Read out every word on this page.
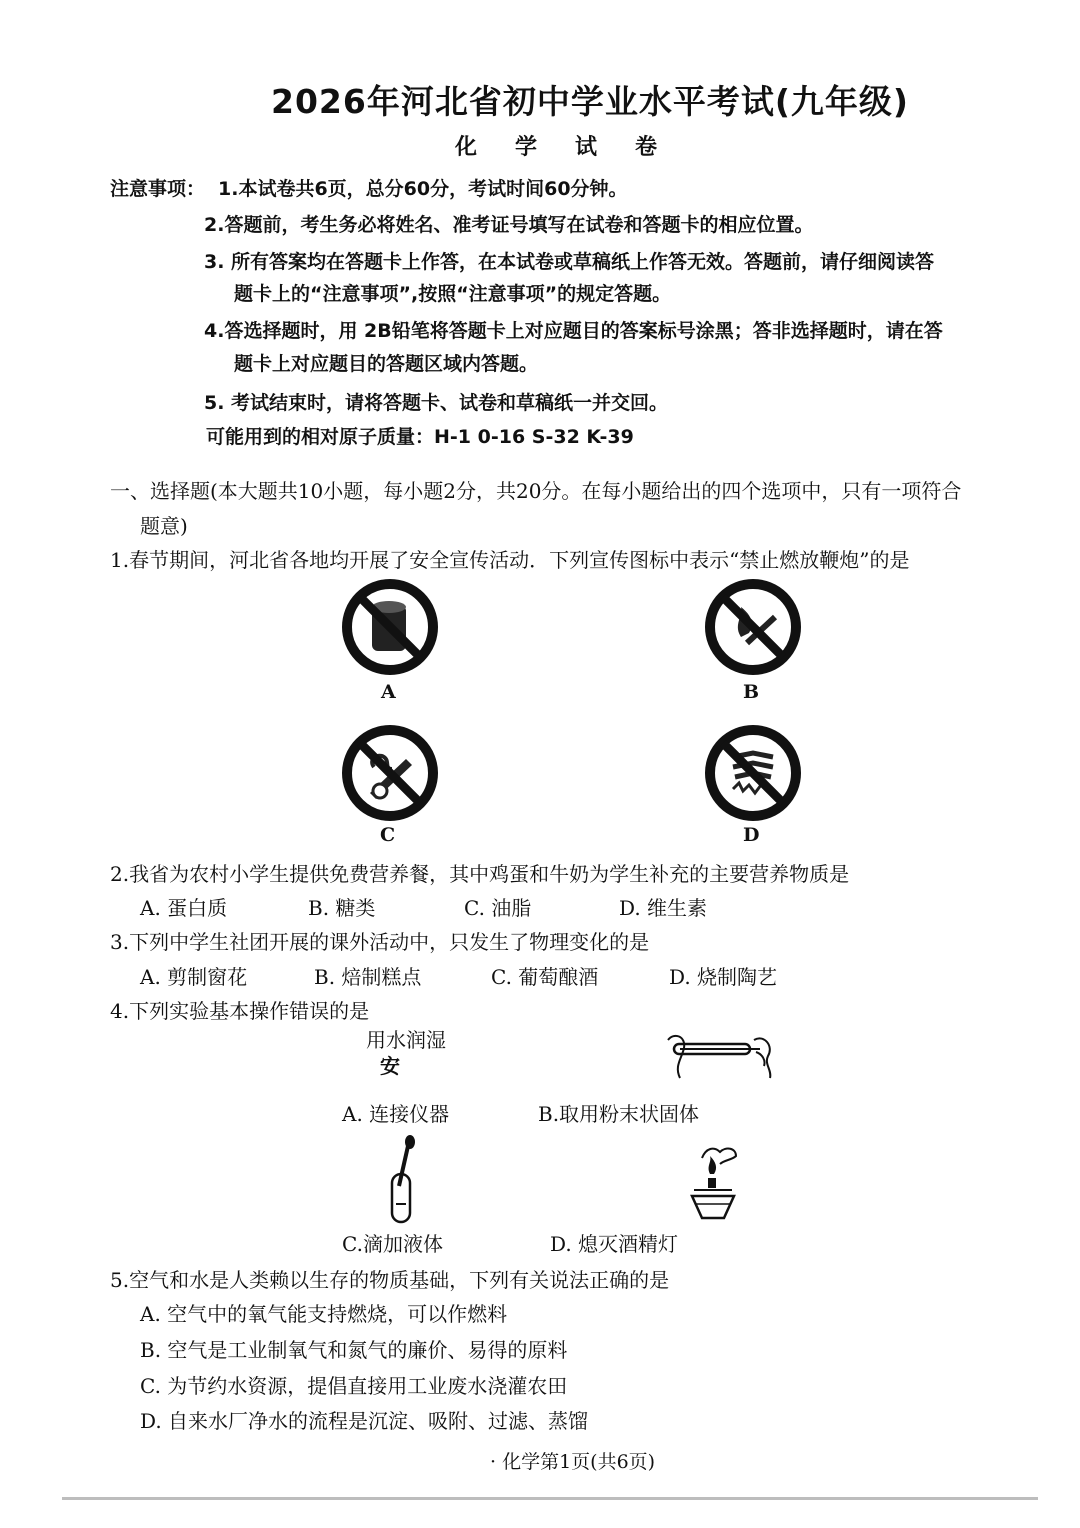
2026年河北省初中学业水平考试(九年级)
化学试卷
注意事项： 1.本试卷共6页，总分60分，考试时间60分钟。
2.答题前，考生务必将姓名、准考证号填写在试卷和答题卡的相应位置。
3. 所有答案均在答题卡上作答，在本试卷或草稿纸上作答无效。答题前，请仔细阅读答
题卡上的“注意事项”,按照“注意事项”的规定答题。
4.答选择题时，用 2B铅笔将答题卡上对应题目的答案标号涂黑；答非选择题时，请在答
题卡上对应题目的答题区域内答题。
5. 考试结束时，请将答题卡、试卷和草稿纸一并交回。
可能用到的相对原子质量：H-1 0-16 S-32 K-39
一、选择题(本大题共10小题，每小题2分，共20分。在每小题给出的四个选项中，只有一项符合
题意)
1.春节期间，河北省各地均开展了安全宣传活动．下列宣传图标中表示“禁止燃放鞭炮”的是
A	B
C	D
2.我省为农村小学生提供免费营养餐，其中鸡蛋和牛奶为学生补充的主要营养物质是
A. 蛋白质	B. 糖类	C. 油脂	D. 维生素
3.下列中学生社团开展的课外活动中，只发生了物理变化的是
A. 剪制窗花	B. 焙制糕点	C. 葡萄酿酒	D. 烧制陶艺
4.下列实验基本操作错误的是
用水润湿
安
A. 连接仪器	B.取用粉末状固体
C.滴加液体	D. 熄灭酒精灯
5.空气和水是人类赖以生存的物质基础，下列有关说法正确的是
A. 空气中的氧气能支持燃烧，可以作燃料
B. 空气是工业制氧气和氮气的廉价、易得的原料
C. 为节约水资源，提倡直接用工业废水浇灌农田
D. 自来水厂净水的流程是沉淀、吸附、过滤、蒸馏
· 化学第1页(共6页)
